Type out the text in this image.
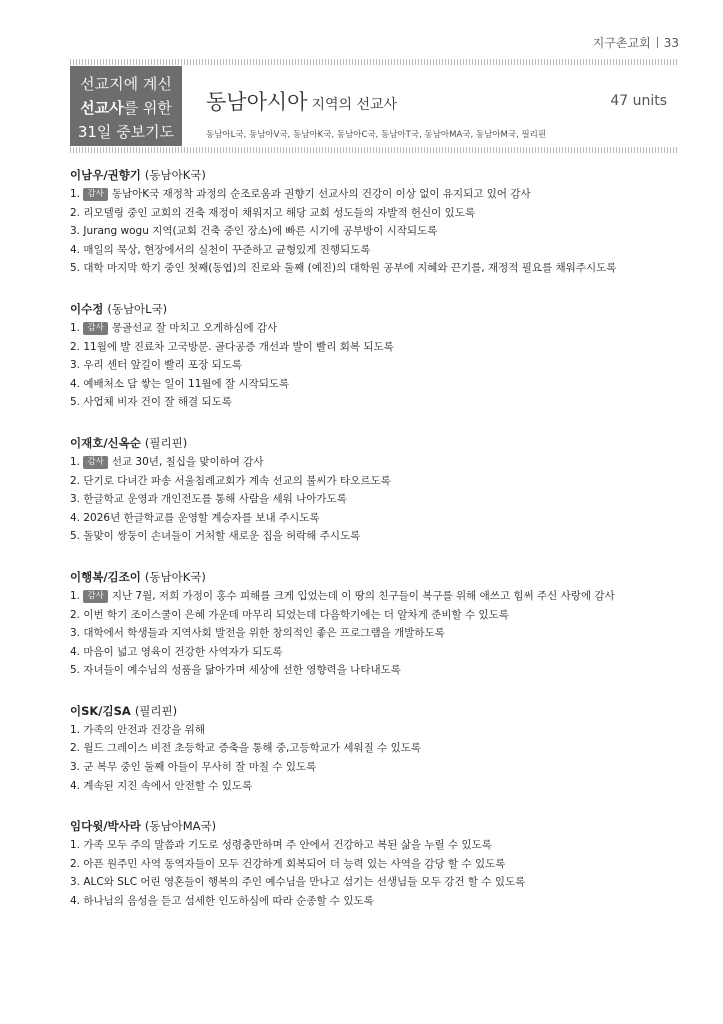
지구촌교회 33
선교지에 계신
선교사를 위한
31일 중보기도
동남아시아 지역의 선교사	47 units
동남아L국, 동남아V국, 동남아K국, 동남아C국, 동남아T국, 동남아MA국, 동남아M국, 필리핀
이남우/권향기 (동남아K국)
1. 감사 동남아K국 재정착 과정의 순조로움과 권향기 선교사의 건강이 이상 없이 유지되고 있어 감사
2. 리모델링 중인 교회의 건축 재정이 채워지고 해당 교회 성도들의 자발적 헌신이 있도록
3. Jurang wogu 지역(교회 건축 중인 장소)에 빠른 시기에 공부방이 시작되도록
4. 매일의 묵상, 현장에서의 실천이 꾸준하고 균형있게 진행되도록
5. 대학 마지막 학기 중인 첫째(동엽)의 진로와 둘째 (예진)의 대학원 공부에 지혜와 끈기를, 재정적 필요를 채워주시도록
이수정 (동남아L국)
1. 감사 몽골선교 잘 마치고 오게하심에 감사
2. 11월에 발 진료차 고국방문. 골다공증 개선과 발이 빨리 회복 되도록
3. 우리 센터 앞길이 빨리 포장 되도록
4. 예배처소 담 쌓는 일이 11월에 잘 시작되도록
5. 사업체 비자 건이 잘 해결 되도록
이재호/신옥순 (필리핀)
1. 감사 선교 30년, 칠십을 맞이하여 감사
2. 단기로 다녀간 파송 서울침례교회가 계속 선교의 불씨가 타오르도록
3. 한글학교 운영과 개인전도를 통해 사람을 세워 나아가도록
4. 2026년 한글학교를 운영할 계승자를 보내 주시도록
5. 돌맞이 쌍둥이 손녀들이 거처할 새로운 집을 허락해 주시도록
이행복/김조이 (동남아K국)
1. 감사 지난 7월, 저희 가정이 홍수 피해를 크게 입었는데 이 땅의 친구들이 복구를 위해 애쓰고 힘써 주신 사랑에 감사
2. 이번 학기 조이스쿨이 은혜 가운데 마무리 되었는데 다음학기에는 더 알차게 준비할 수 있도록
3. 대학에서 학생들과 지역사회 발전을 위한 창의적인 좋은 프로그램을 개발하도록
4. 마음이 넓고 영육이 건강한 사역자가 되도록
5. 자녀들이 예수님의 성품을 닮아가며 세상에 선한 영향력을 나타내도록
이SK/김SA (필리핀)
1. 가족의 안전과 건강을 위해
2. 월드 그레이스 비전 초등학교 증축을 통해 중,고등학교가 세워질 수 있도록
3. 군 복무 중인 둘째 아들이 무사히 잘 마칠 수 있도록
4. 계속된 지진 속에서 안전할 수 있도록
임다윗/박사라 (동남아MA국)
1. 가족 모두 주의 말씀과 기도로 성령충만하며 주 안에서 건강하고 복된 삶을 누릴 수 있도록
2. 아픈 원주민 사역 동역자들이 모두 건강하게 회복되어 더 능력 있는 사역을 감당 할 수 있도록
3. ALC와 SLC 어린 영혼들이 행복의 주인 예수님을 만나고 섬기는 선생님들 모두 강건 할 수 있도록
4. 하나님의 음성을 듣고 섬세한 인도하심에 따라 순종할 수 있도록
